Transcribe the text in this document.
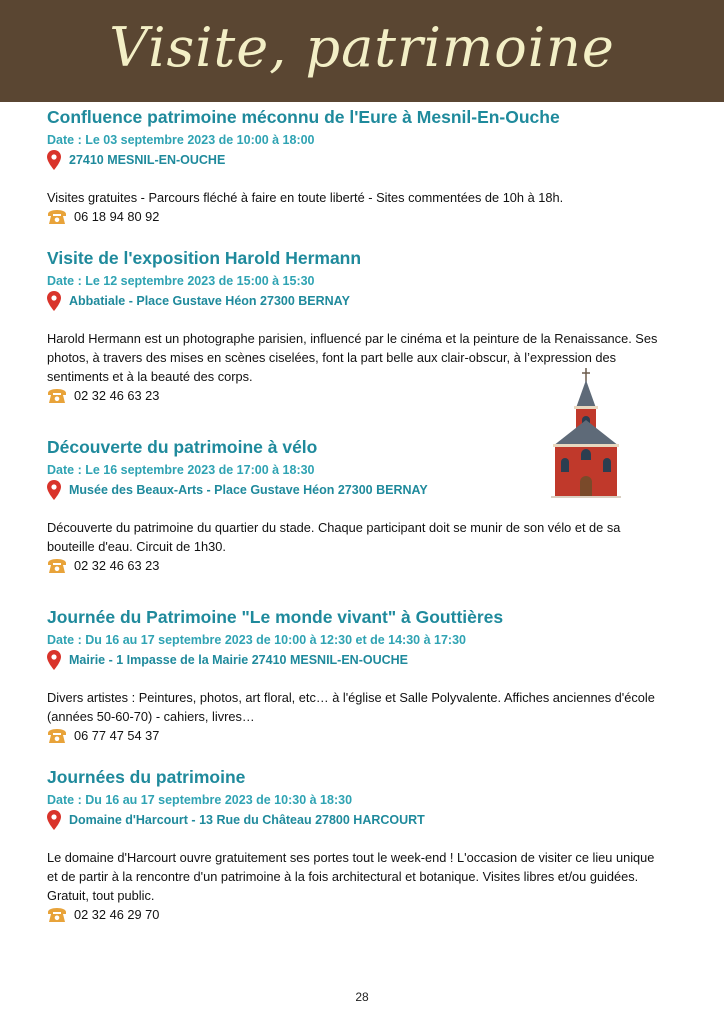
Visite, patrimoine
Confluence patrimoine méconnu de l'Eure à Mesnil-En-Ouche
Date : Le 03 septembre 2023 de 10:00 à 18:00
27410 MESNIL-EN-OUCHE
Visites gratuites - Parcours fléché à faire en toute liberté - Sites commentées de 10h à 18h.
06 18 94 80 92
Visite de l'exposition Harold Hermann
Date : Le 12 septembre 2023 de 15:00 à 15:30
Abbatiale - Place Gustave Héon 27300 BERNAY
Harold Hermann est un photographe parisien, influencé par le cinéma et la peinture de la Renaissance. Ses photos, à travers des mises en scènes ciselées, font la part belle aux clair-obscur, à l’expression des sentiments et à la beauté des corps.
02 32 46 63 23
Découverte du patrimoine à vélo
Date : Le 16 septembre 2023 de 17:00 à 18:30
Musée des Beaux-Arts - Place Gustave Héon 27300 BERNAY
Découverte du patrimoine du quartier du stade. Chaque participant doit se munir de son vélo et de sa bouteille d'eau. Circuit de 1h30.
02 32 46 63 23
Journée du Patrimoine "Le monde vivant" à Gouttières
Date : Du 16 au 17 septembre 2023 de 10:00 à 12:30 et de 14:30 à 17:30
Mairie - 1 Impasse de la Mairie 27410 MESNIL-EN-OUCHE
Divers artistes : Peintures, photos, art floral, etc… à l'église et Salle Polyvalente. Affiches anciennes d'école (années 50-60-70) - cahiers, livres…
06 77 47 54 37
Journées du patrimoine
Date : Du 16 au 17 septembre 2023 de 10:30 à 18:30
Domaine d'Harcourt - 13 Rue du Château 27800 HARCOURT
Le domaine d'Harcourt ouvre gratuitement ses portes tout le week-end ! L'occasion de visiter ce lieu unique et de partir à la rencontre d'un patrimoine à la fois architectural et botanique. Visites libres et/ou guidées. Gratuit, tout public.
02 32 46 29 70
28
